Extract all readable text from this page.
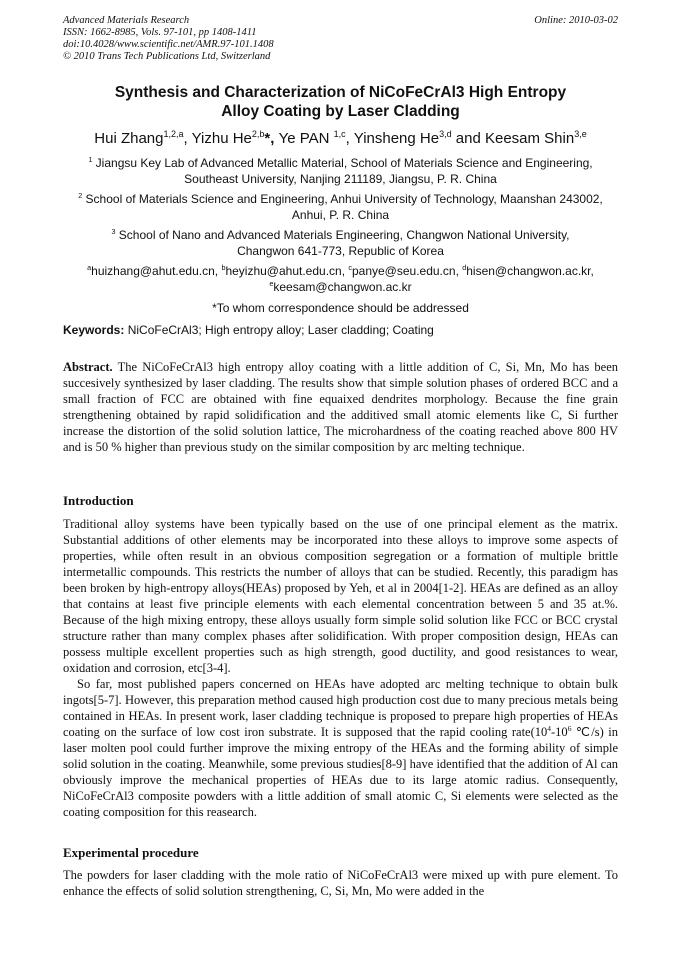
Advanced Materials Research
ISSN: 1662-8985, Vols. 97-101, pp 1408-1411
doi:10.4028/www.scientific.net/AMR.97-101.1408
© 2010 Trans Tech Publications Ltd, Switzerland
Online: 2010-03-02
Synthesis and Characterization of NiCoFeCrAl3 High Entropy
Alloy Coating by Laser Cladding
Hui Zhang$^{1,2,a}$, Yizhu He$^{2,b}$*, Ye PAN $^{1,c}$, Yinsheng He$^{3,d}$ and Keesam Shin$^{3,e}$
$^1$ Jiangsu Key Lab of Advanced Metallic Material, School of Materials Science and Engineering,
Southeast University, Nanjing 211189, Jiangsu, P. R. China
$^2$ School of Materials Science and Engineering, Anhui University of Technology, Maanshan 243002,
Anhui, P. R. China
$^3$ School of Nano and Advanced Materials Engineering, Changwon National University,
Changwon 641-773, Republic of Korea
$^a$huizhang@ahut.edu.cn, $^b$heyizhu@ahut.edu.cn, $^c$panye@seu.edu.cn, $^d$hisen@changwon.ac.kr,
$^e$keesam@changwon.ac.kr
*To whom correspondence should be addressed
Keywords: NiCoFeCrAl3; High entropy alloy; Laser cladding; Coating
Abstract. The NiCoFeCrAl3 high entropy alloy coating with a little addition of C, Si, Mn, Mo has been succesively synthesized by laser cladding. The results show that simple solution phases of ordered BCC and a small fraction of FCC are obtained with fine equaixed dendrites morphology. Because the fine grain strengthening obtained by rapid solidification and the additived small atomic elements like C, Si further increase the distortion of the solid solution lattice, The microhardness of the coating reached above 800 HV and is 50 % higher than previous study on the similar composition by arc melting technique.
Introduction

Traditional alloy systems have been typically based on the use of one principal element as the matrix. Substantial additions of other elements may be incorporated into these alloys to improve some aspects of properties, while often result in an obvious composition segregation or a formation of multiple brittle intermetallic compounds. This restricts the number of alloys that can be studied. Recently, this paradigm has been broken by high-entropy alloys(HEAs) proposed by Yeh, et al in 2004[1-2]. HEAs are defined as an alloy that contains at least five principle elements with each elemental concentration between 5 and 35 at.%. Because of the high mixing entropy, these alloys usually form simple solid solution like FCC or BCC crystal structure rather than many complex phases after solidification. With proper composition design, HEAs can possess multiple excellent properties such as high strength, good ductility, and good resistances to wear, oxidation and corrosion, etc[3-4].

So far, most published papers concerned on HEAs have adopted arc melting technique to obtain bulk ingots[5-7]. However, this preparation method caused high production cost due to many precious metals being contained in HEAs. In present work, laser cladding technique is proposed to prepare high properties of HEAs coating on the surface of low cost iron substrate. It is supposed that the rapid cooling $rate(10^4-10^6$ ℃/s) in laser molten pool could further improve the mixing entropy of the HEAs and the forming ability of simple solid solution in the coating. Meanwhile, some previous studies[8-9] have identified that the addition of Al can obviously improve the mechanical properties of HEAs due to its large atomic radius. Consequently, NiCoFeCrAl3 composite powders with a little addition of small atomic C, Si elements were selected as the coating composition for this reasearch.

Experimental procedure

The powders for laser cladding with the mole ratio of NiCoFeCrAl3 were mixed up with pure element. To enhance the effects of solid solution strengthening, C, Si, Mn, Mo were added in the
